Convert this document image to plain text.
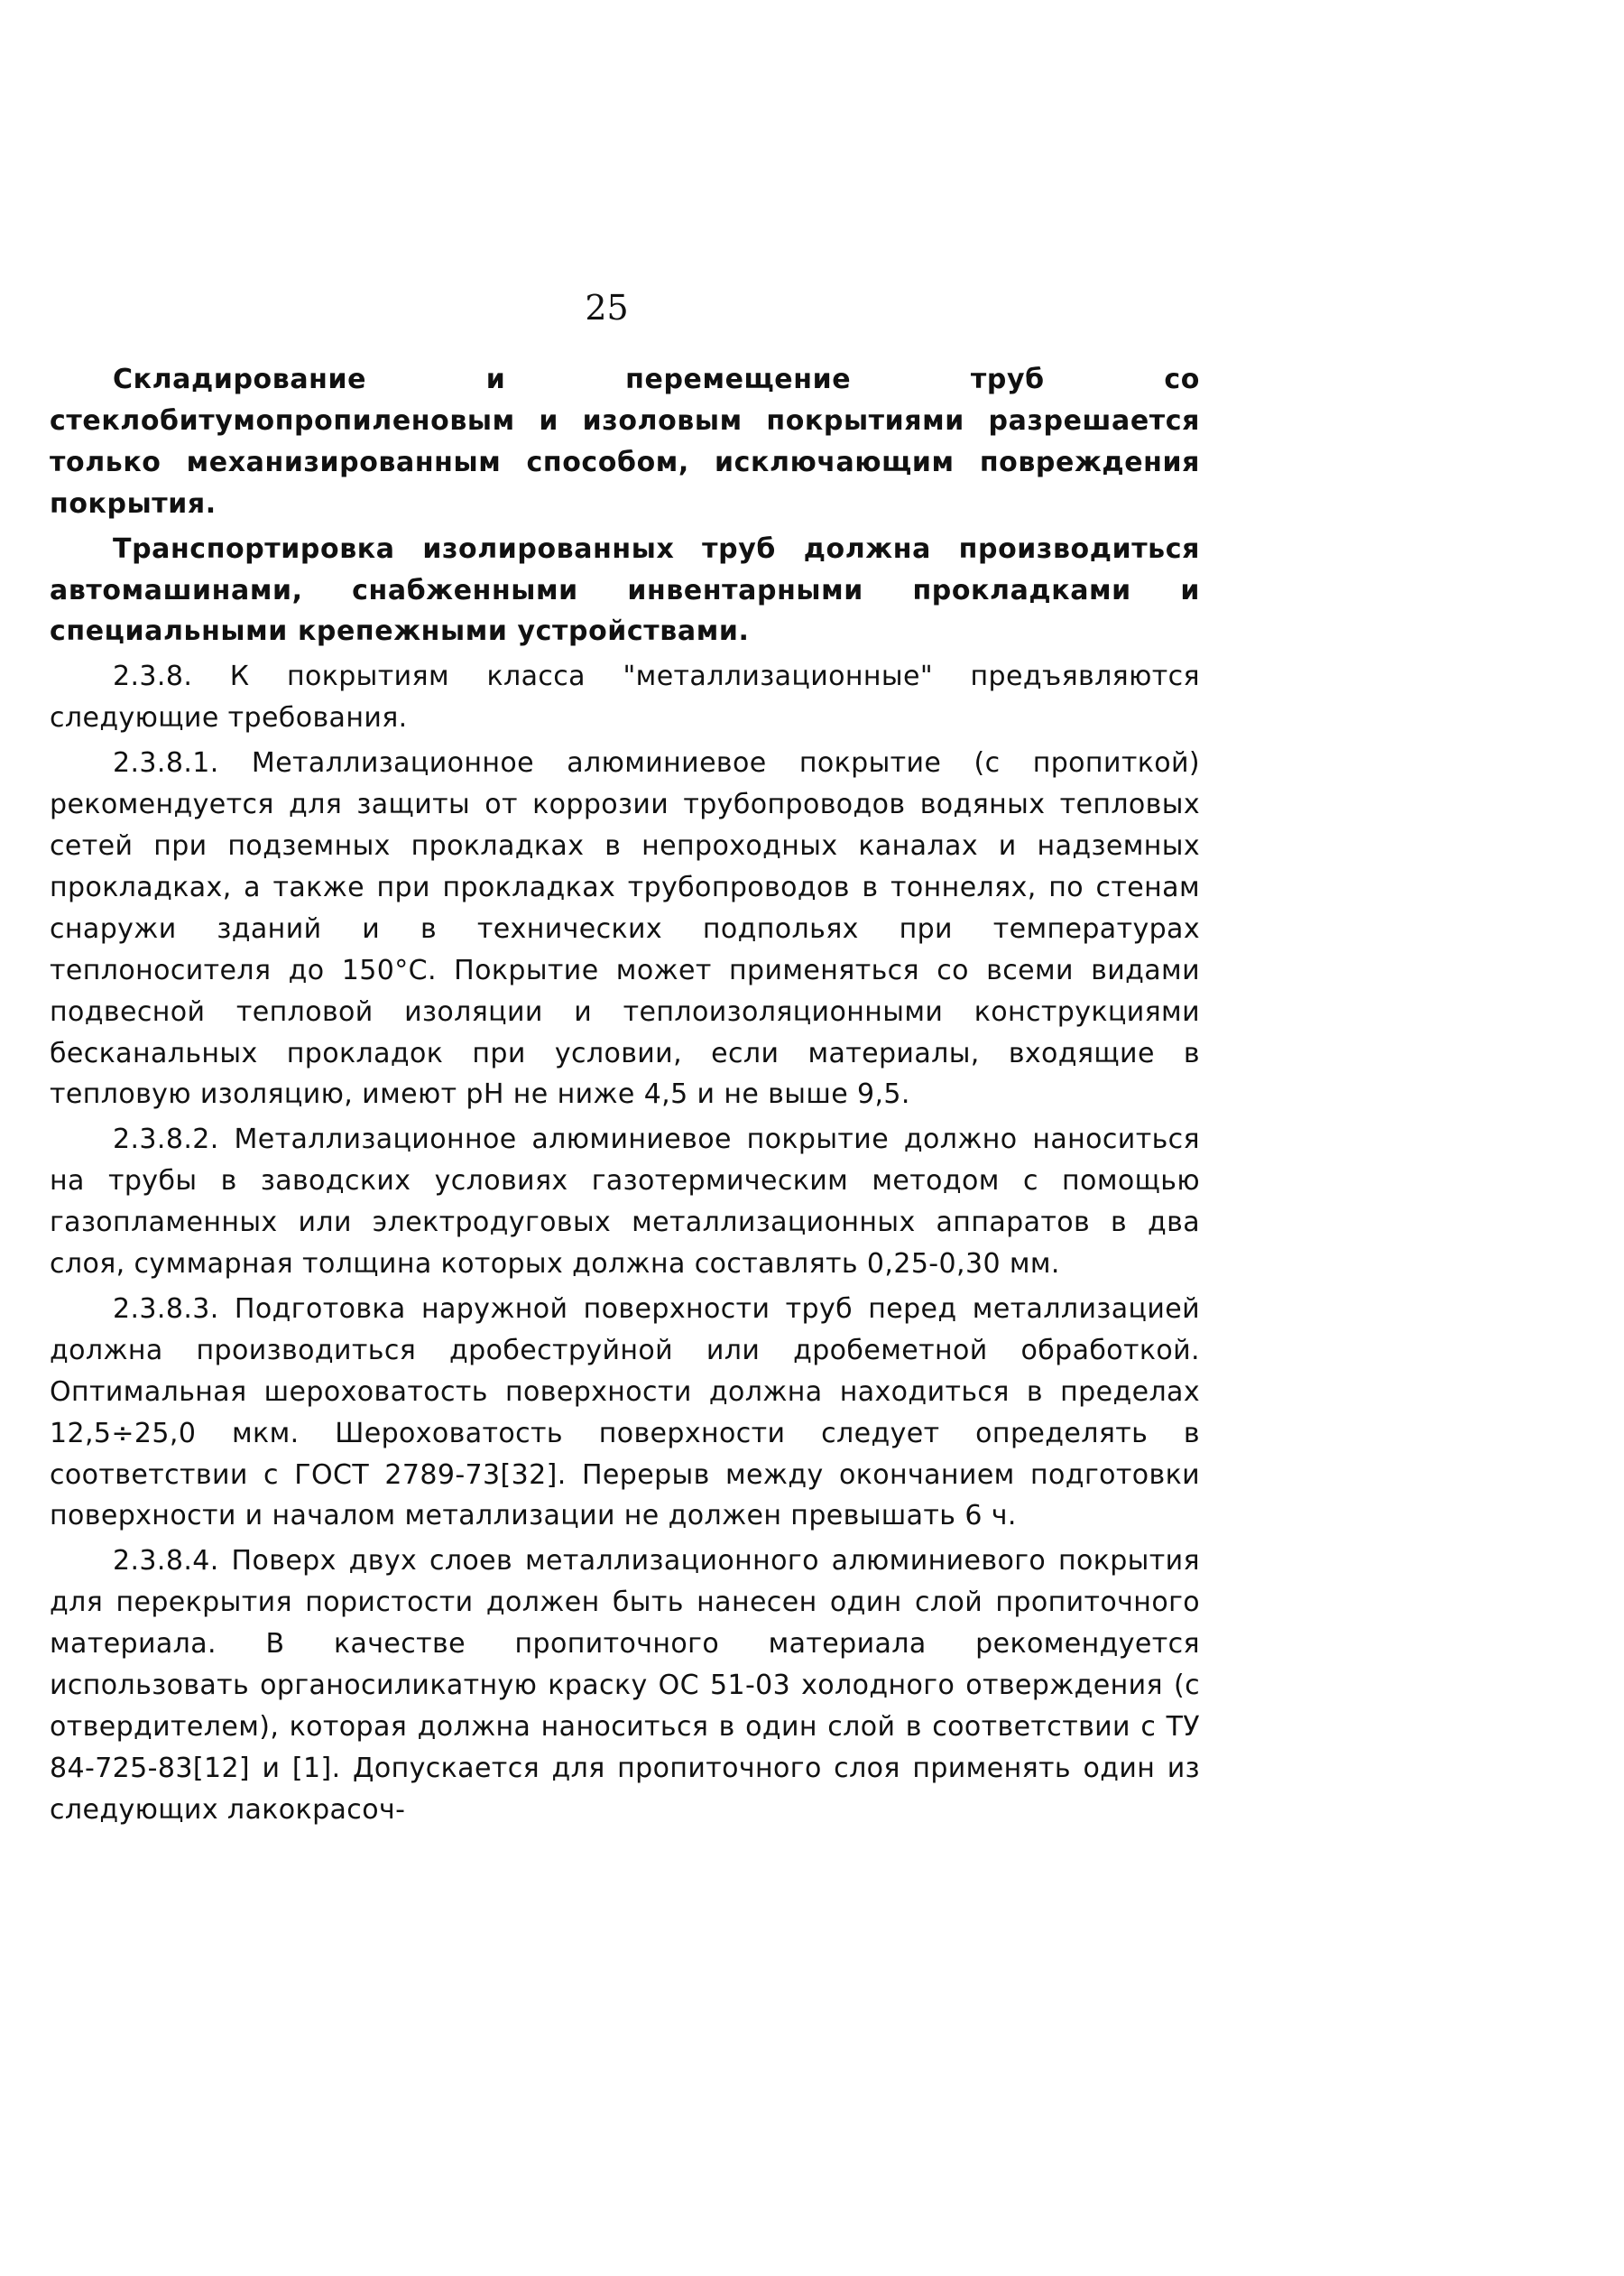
25

Складирование и перемещение труб со стеклобитумопропиленовым и изоловым покрытиями разрешается только механизированным способом, исключающим повреждения покрытия.

Транспортировка изолированных труб должна производиться автомашинами, снабженными инвентарными прокладками и специальными крепежными устройствами.

2.3.8. К покрытиям класса "металлизационные" предъявляются следующие требования.

2.3.8.1. Металлизационное алюминиевое покрытие (с пропиткой) рекомендуется для защиты от коррозии трубопроводов водяных тепловых сетей при подземных прокладках в непроходных каналах и надземных прокладках, а также при прокладках трубопроводов в тоннелях, по стенам снаружи зданий и в технических подпольях при температурах теплоносителя до 150°С. Покрытие может применяться со всеми видами подвесной тепловой изоляции и теплоизоляционными конструкциями бесканальных прокладок при условии, если материалы, входящие в тепловую изоляцию, имеют pH не ниже 4,5 и не выше 9,5.

2.3.8.2. Металлизационное алюминиевое покрытие должно наноситься на трубы в заводских условиях газотермическим методом с помощью газопламенных или электродуговых металлизационных аппаратов в два слоя, суммарная толщина которых должна составлять 0,25-0,30 мм.

2.3.8.3. Подготовка наружной поверхности труб перед металлизацией должна производиться дробеструйной или дробеметной обработкой. Оптимальная шероховатость поверхности должна находиться в пределах 12,5÷25,0 мкм. Шероховатость поверхности следует определять в соответствии с ГОСТ 2789-73[32]. Перерыв между окончанием подготовки поверхности и началом металлизации не должен превышать 6 ч.

2.3.8.4. Поверх двух слоев металлизационного алюминиевого покрытия для перекрытия пористости должен быть нанесен один слой пропиточного материала. В качестве пропиточного материала рекомендуется использовать органосиликатную краску ОС 51-03 холодного отверждения (с отвердителем), которая должна наноситься в один слой в соответствии с ТУ 84-725-83[12] и [1]. Допускается для пропиточного слоя применять один из следующих лакокрасоч-
